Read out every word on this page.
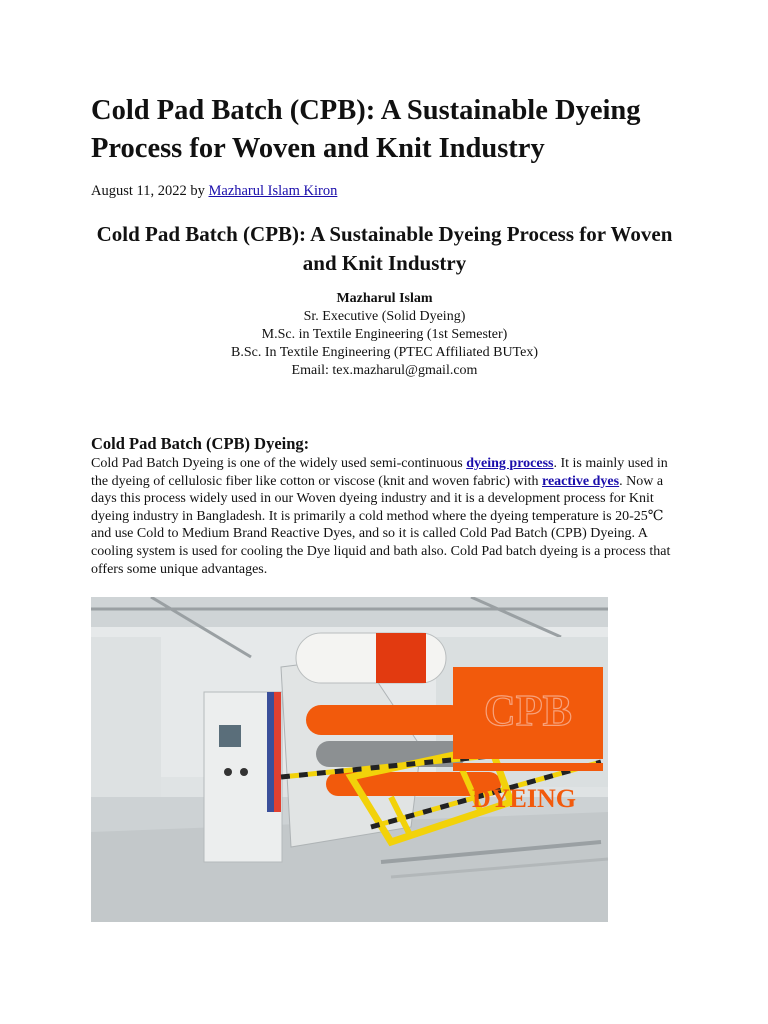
Cold Pad Batch (CPB): A Sustainable Dyeing Process for Woven and Knit Industry
August 11, 2022 by Mazharul Islam Kiron
Cold Pad Batch (CPB): A Sustainable Dyeing Process for Woven and Knit Industry
Mazharul Islam
Sr. Executive (Solid Dyeing)
M.Sc. in Textile Engineering (1st Semester)
B.Sc. In Textile Engineering (PTEC Affiliated BUTex)
Email: tex.mazharul@gmail.com
Cold Pad Batch (CPB) Dyeing:

Cold Pad Batch Dyeing is one of the widely used semi-continuous dyeing process. It is mainly used in the dyeing of cellulosic fiber like cotton or viscose (knit and woven fabric) with reactive dyes. Now a days this process widely used in our Woven dyeing industry and it is a development process for Knit dyeing industry in Bangladesh. It is primarily a cold method where the dyeing temperature is 20-25℃ and use Cold to Medium Brand Reactive Dyes, and so it is called Cold Pad Batch (CPB) Dyeing. A cooling system is used for cooling the Dye liquid and bath also. Cold Pad batch dyeing is a process that offers some unique advantages.

CPB
DYEING
